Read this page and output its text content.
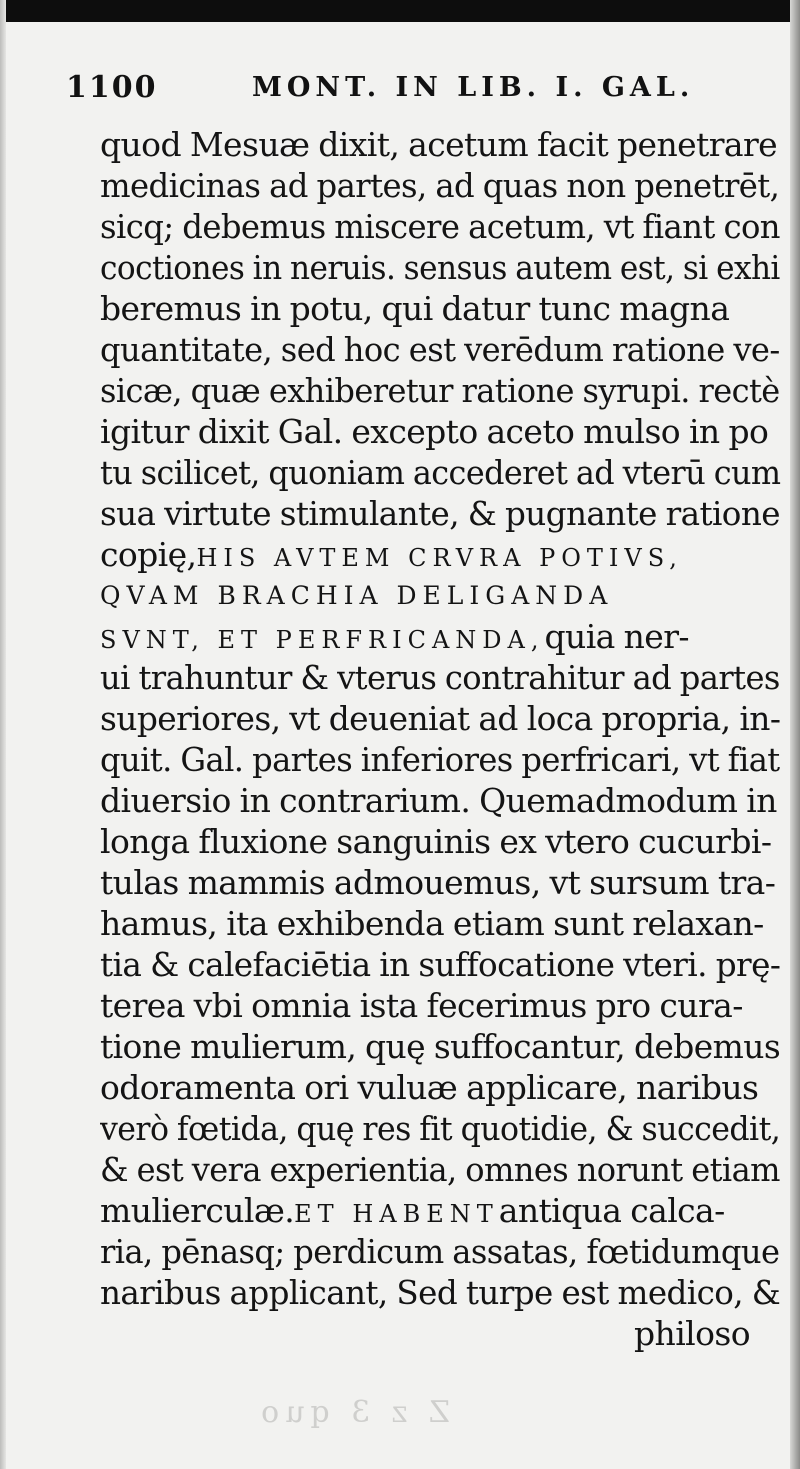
1100	MONT. IN LIB. I. GAL.
quod Mesuæ dixit, acetum facit penetrare
medicinas ad partes, ad quas non penetrēt,
sicq; debemus miscere acetum, vt fiant con
coctiones in neruis. sensus autem est, si exhi
beremus in potu, qui datur tunc magna
quantitate, sed hoc est verēdum ratione ve-
sicæ, quæ exhiberetur ratione syrupi. rectè
igitur dixit Gal. excepto aceto mulso in po
tu scilicet, quoniam accederet ad vterū cum
sua virtute stimulante, & pugnante ratione
copię,HIS AVTEM CRVRA POTIVS,
QVAM BRACHIA DELIGANDA
SVNT, ET PERFRICANDA,quia ner-
ui trahuntur & vterus contrahitur ad partes
superiores, vt deueniat ad loca propria, in-
quit. Gal. partes inferiores perfricari, vt fiat
diuersio in contrarium. Quemadmodum in
longa fluxione sanguinis ex vtero cucurbi-
tulas mammis admouemus, vt sursum tra-
hamus, ita exhibenda etiam sunt relaxan-
tia & calefaciētia in suffocatione vteri. prę-
terea vbi omnia ista fecerimus pro cura-
tione mulierum, quę suffocantur, debemus
odoramenta ori vuluæ applicare, naribus
verò fœtida, quę res fit quotidie, & succedit,
& est vera experientia, omnes norunt etiam
mulierculæ.ET HABENTantiqua calca-
ria, pēnasq; perdicum assatas, fœtidumque
naribus applicant, Sed turpe est medico, &
philoso
Z z 3 quo
